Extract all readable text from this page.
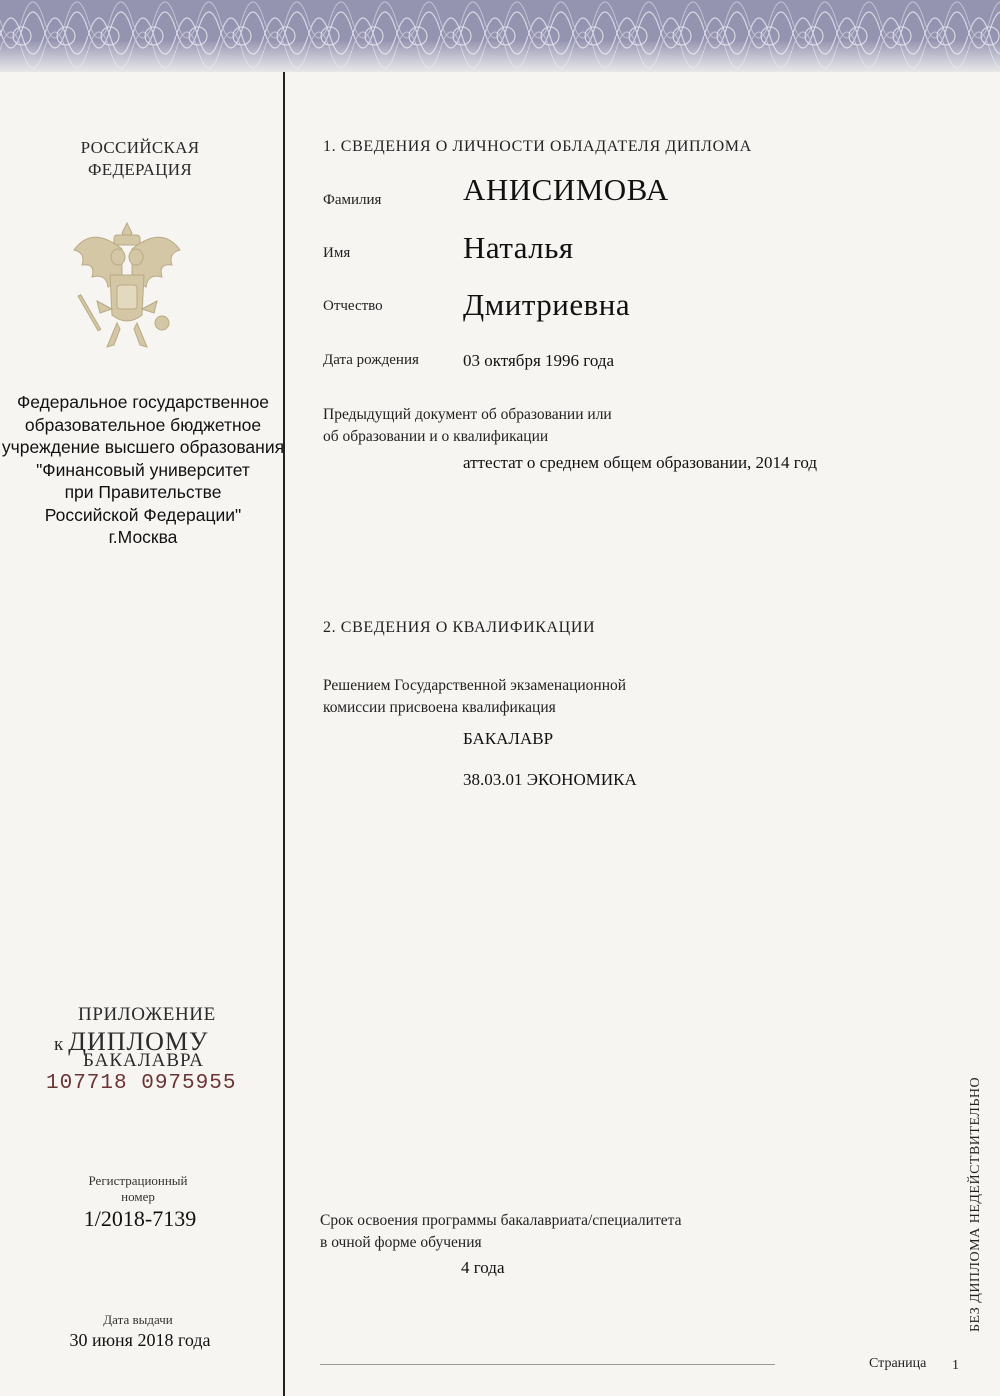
РОССИЙСКАЯ
ФЕДЕРАЦИЯ
Федеральное государственное
образовательное бюджетное
учреждение высшего образования
"Финансовый университет
при Правительстве
Российской Федерации"
г.Москва
ПРИЛОЖЕНИЕ
к ДИПЛОМУ
БАКАЛАВРА
107718 0975955
Регистрационный
номер
1/2018-7139
Дата выдачи
30 июня 2018 года
1. СВЕДЕНИЯ О ЛИЧНОСТИ ОБЛАДАТЕЛЯ ДИПЛОМА
Фамилия	АНИСИМОВА
Имя	Наталья
Отчество	Дмитриевна
Дата рождения	03 октября 1996 года
Предыдущий документ об образовании или
об образовании и о квалификации
аттестат о среднем общем образовании, 2014 год
2. СВЕДЕНИЯ О КВАЛИФИКАЦИИ
Решением Государственной экзаменационной
комиссии присвоена квалификация
БАКАЛАВР
38.03.01 ЭКОНОМИКА
Срок освоения программы бакалавриата/специалитета
в очной форме обучения
4 года	БЕЗ ДИПЛОМА НЕДЕЙСТВИТЕЛЬНО
Страница 1
